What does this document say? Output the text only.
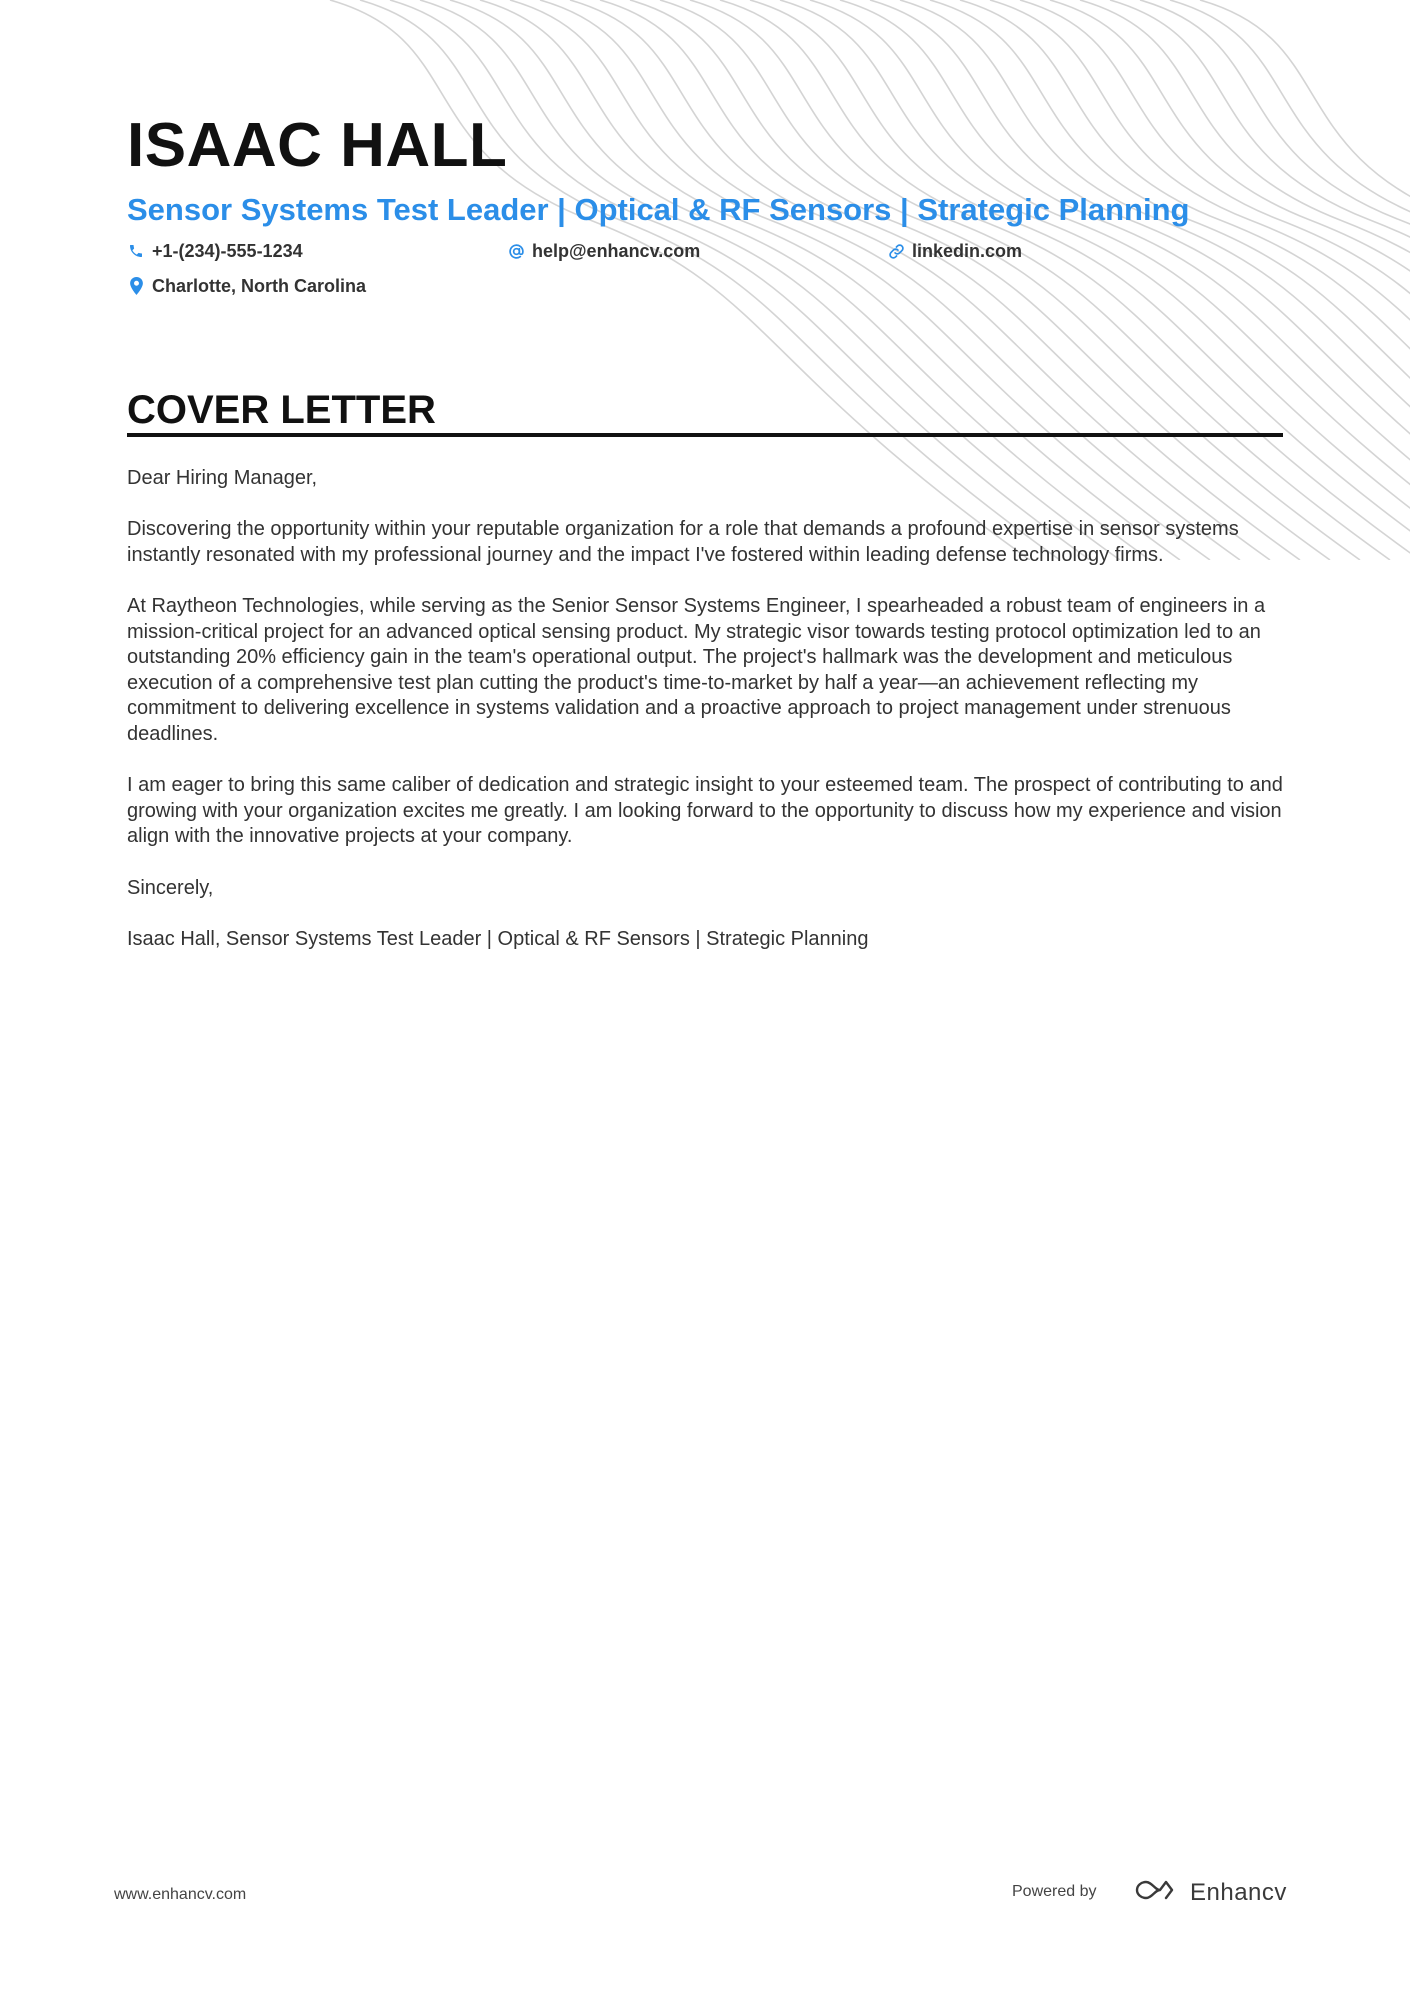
ISAAC HALL
Sensor Systems Test Leader | Optical & RF Sensors | Strategic Planning
+1-(234)-555-1234	help@enhancv.com	linkedin.com
Charlotte, North Carolina
COVER LETTER

Dear Hiring Manager,

Discovering the opportunity within your reputable organization for a role that demands a profound expertise in sensor systems instantly resonated with my professional journey and the impact I've fostered within leading defense technology firms.

At Raytheon Technologies, while serving as the Senior Sensor Systems Engineer, I spearheaded a robust team of engineers in a mission-critical project for an advanced optical sensing product. My strategic visor towards testing protocol optimization led to an outstanding 20% efficiency gain in the team's operational output. The project's hallmark was the development and meticulous execution of a comprehensive test plan cutting the product's time-to-market by half a year—an achievement reflecting my commitment to delivering excellence in systems validation and a proactive approach to project management under strenuous deadlines.

I am eager to bring this same caliber of dedication and strategic insight to your esteemed team. The prospect of contributing to and growing with your organization excites me greatly. I am looking forward to the opportunity to discuss how my experience and vision align with the innovative projects at your company.

Sincerely,

Isaac Hall, Sensor Systems Test Leader | Optical & RF Sensors | Strategic Planning

www.enhancv.com	Powered by	Enhancv
